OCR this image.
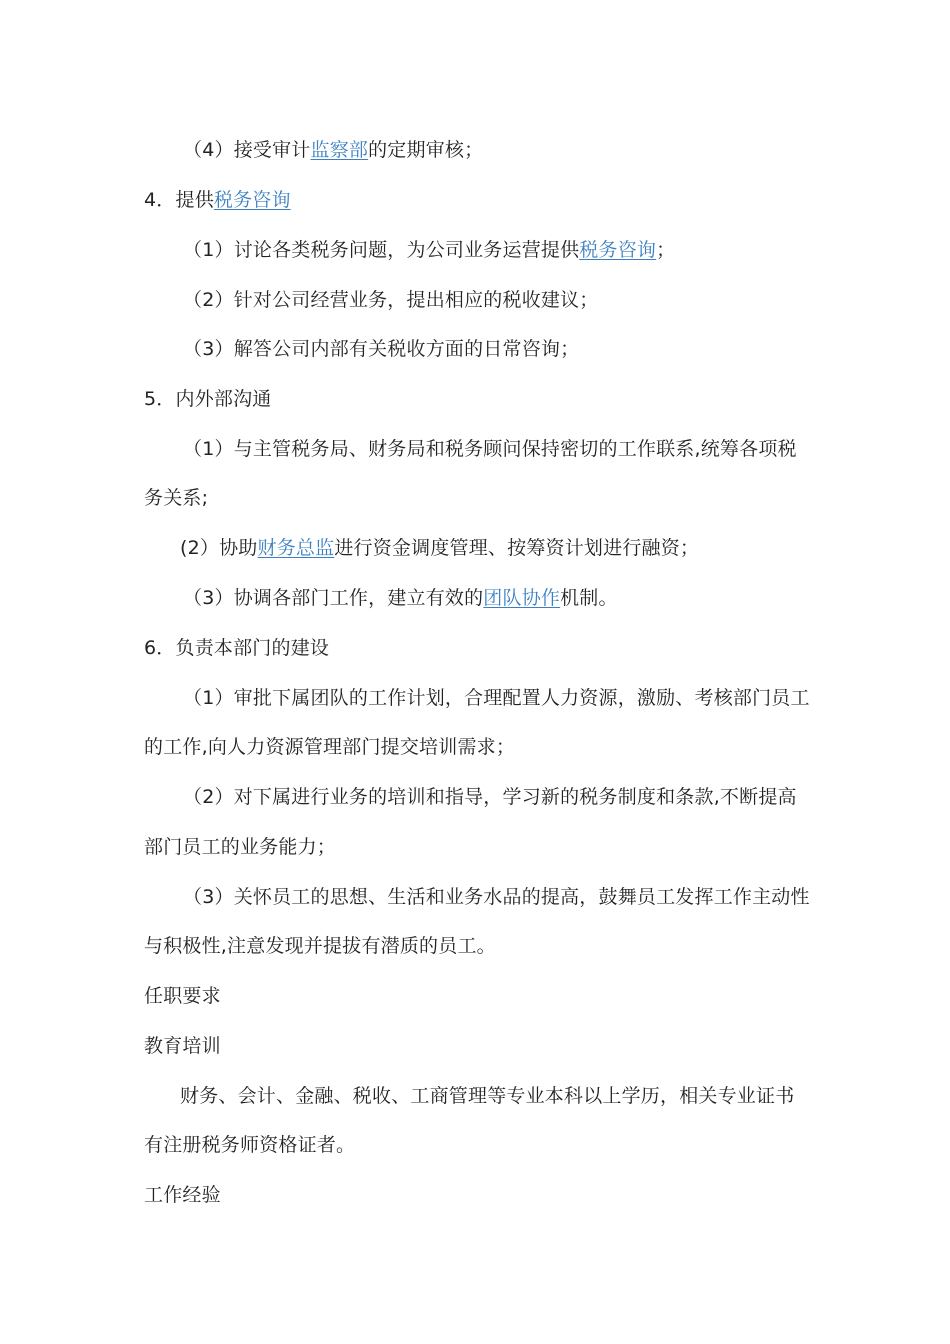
（4）接受审计监察部的定期审核；
4．提供税务咨询
（1）讨论各类税务问题，为公司业务运营提供税务咨询；
（2）针对公司经营业务，提出相应的税收建议；
（3）解答公司内部有关税收方面的日常咨询；
5．内外部沟通
（1）与主管税务局、财务局和税务顾问保持密切的工作联系,统筹各项税
务关系;
(2）协助财务总监进行资金调度管理、按筹资计划进行融资；
（3）协调各部门工作，建立有效的团队协作机制。
6．负责本部门的建设
（1）审批下属团队的工作计划，合理配置人力资源，激励、考核部门员工
的工作,向人力资源管理部门提交培训需求；
（2）对下属进行业务的培训和指导，学习新的税务制度和条款,不断提高
部门员工的业务能力；
（3）关怀员工的思想、生活和业务水品的提高，鼓舞员工发挥工作主动性
与积极性,注意发现并提拔有潜质的员工。
任职要求
教育培训
财务、会计、金融、税收、工商管理等专业本科以上学历，相关专业证书
有注册税务师资格证者。
工作经验
